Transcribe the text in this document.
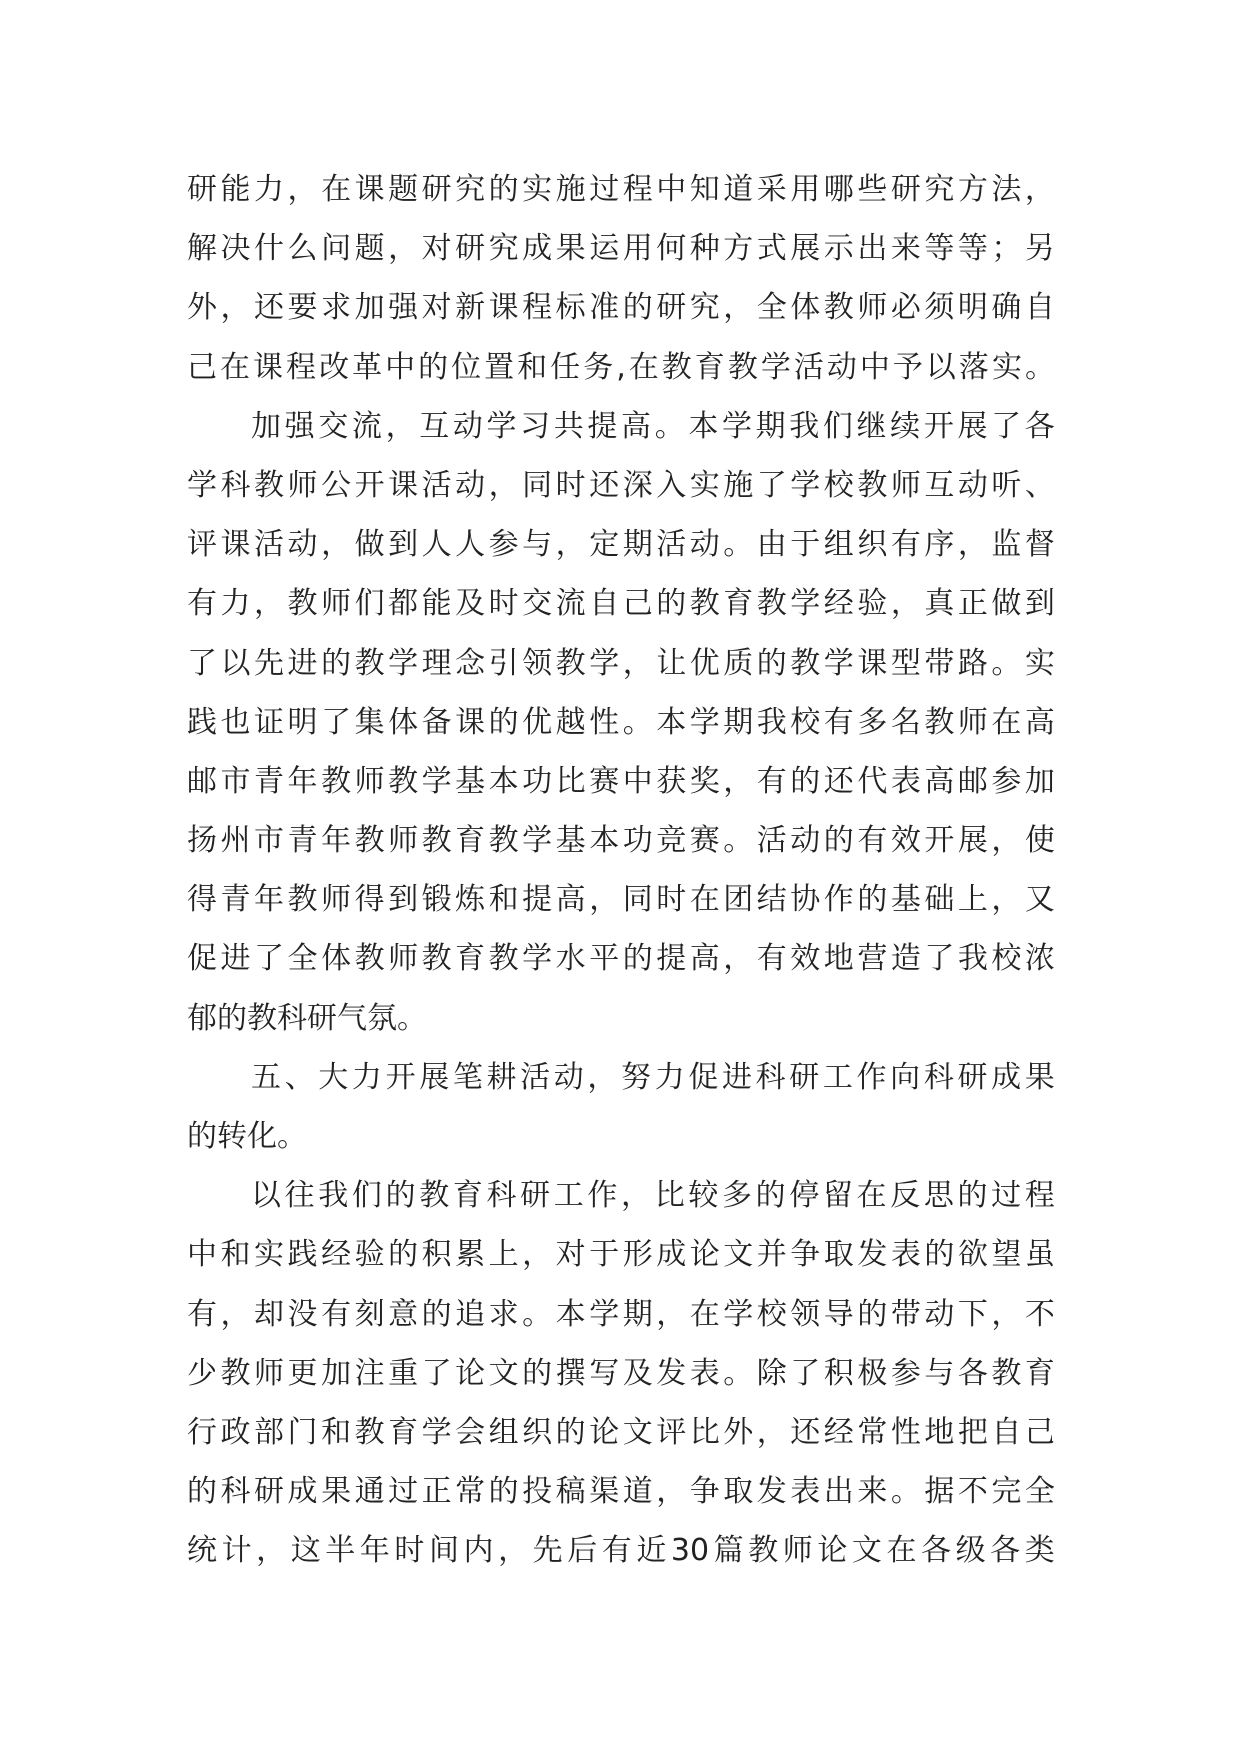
研 能 力 ， 在 课 题 研 究 的 实 施 过 程 中 知 道 采 用 哪 些 研 究 方 法 ，
解 决 什 么 问 题 ， 对 研 究 成 果 运 用 何 种 方 式 展 示 出 来 等 等 ； 另
外 ， 还 要 求 加 强 对 新 课 程 标 准 的 研 究 ， 全 体 教 师 必 须 明 确 自
己 在 课 程 改 革 中 的 位 置 和 任 务 , 在 教 育 教 学 活 动 中 予 以 落 实 。
加 强 交 流 ， 互 动 学 习 共 提 高 。 本 学 期 我 们 继 续 开 展 了 各
学 科 教 师 公 开 课 活 动 ， 同 时 还 深 入 实 施 了 学 校 教 师 互 动 听 、
评 课 活 动 ， 做 到 人 人 参 与 ， 定 期 活 动 。 由 于 组 织 有 序 ， 监 督
有 力 ， 教 师 们 都 能 及 时 交 流 自 己 的 教 育 教 学 经 验 ， 真 正 做 到
了 以 先 进 的 教 学 理 念 引 领 教 学 ， 让 优 质 的 教 学 课 型 带 路 。 实
践 也 证 明 了 集 体 备 课 的 优 越 性 。 本 学 期 我 校 有 多 名 教 师 在 高
邮 市 青 年 教 师 教 学 基 本 功 比 赛 中 获 奖 ， 有 的 还 代 表 高 邮 参 加
扬 州 市 青 年 教 师 教 育 教 学 基 本 功 竞 赛 。 活 动 的 有 效 开 展 ， 使
得 青 年 教 师 得 到 锻 炼 和 提 高 ， 同 时 在 团 结 协 作 的 基 础 上 ， 又
促 进 了 全 体 教 师 教 育 教 学 水 平 的 提 高 ， 有 效 地 营 造 了 我 校 浓
郁的教科研气氛。
五 、 大 力 开 展 笔 耕 活 动 ， 努 力 促 进 科 研 工 作 向 科 研 成 果
的转化。
以 往 我 们 的 教 育 科 研 工 作 ， 比 较 多 的 停 留 在 反 思 的 过 程
中 和 实 践 经 验 的 积 累 上 ， 对 于 形 成 论 文 并 争 取 发 表 的 欲 望 虽
有 ， 却 没 有 刻 意 的 追 求 。 本 学 期 ， 在 学 校 领 导 的 带 动 下 ， 不
少 教 师 更 加 注 重 了 论 文 的 撰 写 及 发 表 。 除 了 积 极 参 与 各 教 育
行 政 部 门 和 教 育 学 会 组 织 的 论 文 评 比 外 ， 还 经 常 性 地 把 自 己
的 科 研 成 果 通 过 正 常 的 投 稿 渠 道 ， 争 取 发 表 出 来 。 据 不 完 全
统 计 ， 这 半 年 时 间 内 ， 先 后 有 近 30 篇 教 师 论 文 在 各 级 各 类
